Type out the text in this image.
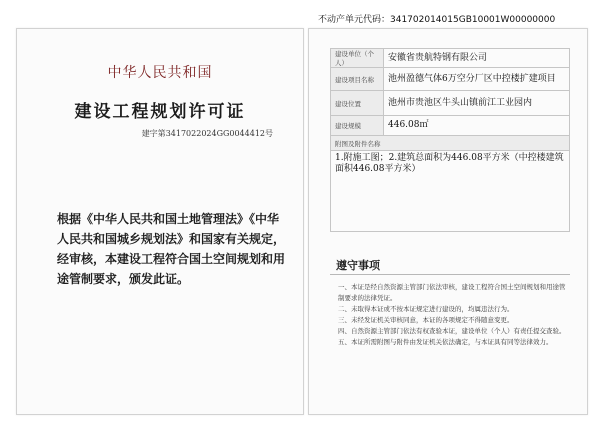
不动产单元代码：341702014015GB10001W00000000
中华人民共和国
建设工程规划许可证
建字第341702202​4GG0044412号
根据《中华人民共和国土地管理法》《中华人民共和国城乡规划法》和国家有关规定，经审核，本建设工程符合国土空间规划和用途管制要求，颁发此证。
建设单位（个人）	安徽省贵航特钢有限公司
建设项目名称	池州盈德气体6万空分厂区中控楼扩建项目
建设位置	池州市贵池区牛头山镇前江工业园内
建设规模	446.08㎡
附图及附件名称	
1.附施工图；2.建筑总面积为446.08平方米（中控楼建筑面积446.08平方米）	
遵守事项
一、本证是经自然资源主管部门依法审核，建设工程符合国土空间规划和用途管制要求的法律凭证。
二、未取得本证或不按本证规定进行建设的，均属违法行为。
三、未经发证机关审核同意，本证的各项规定不得随意变更。
四、自然资源主管部门依法有权查验本证，建设单位（个人）有责任提交查验。
五、本证所需附图与附件由发证机关依法确定，与本证具有同等法律效力。
